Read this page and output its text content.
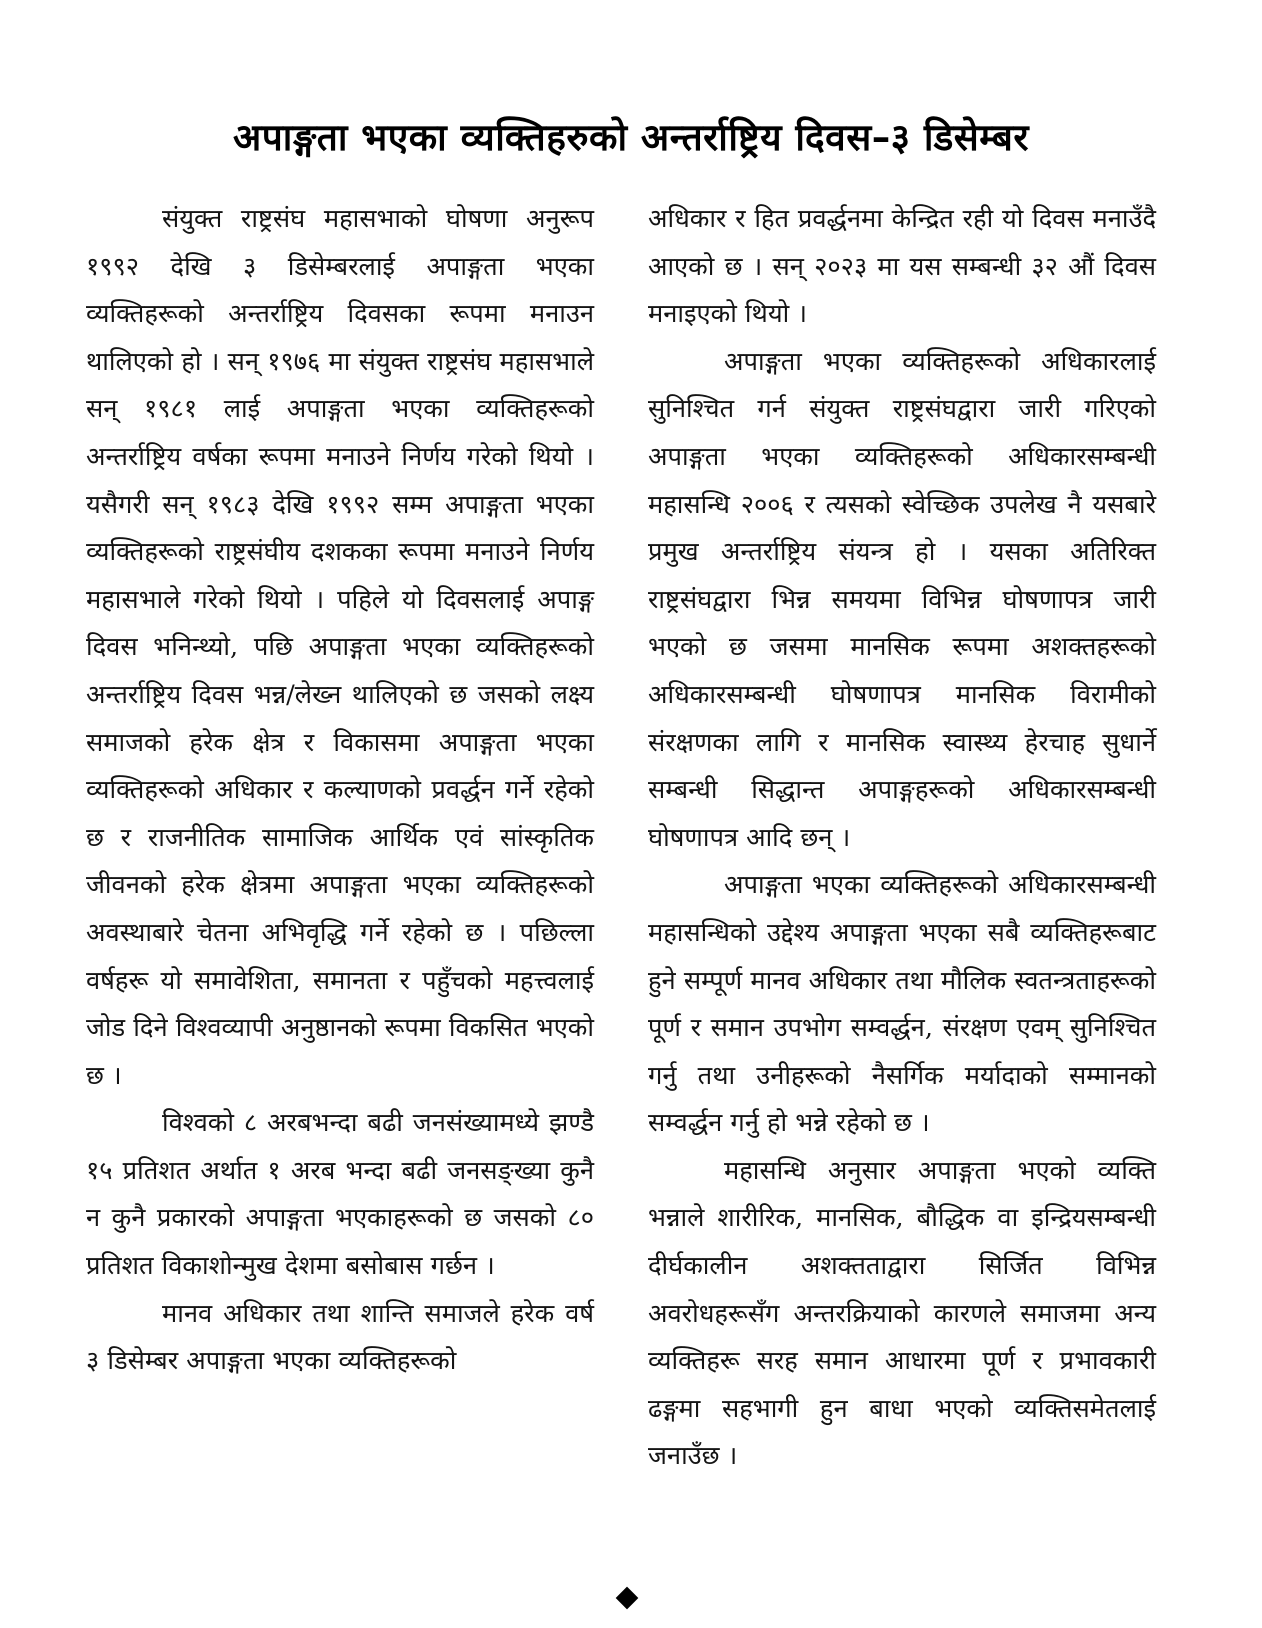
अपाङ्गता भएका व्यक्तिहरुको अन्तर्राष्ट्रिय दिवस–३ डिसेम्बर

संयुक्त राष्ट्रसंघ महासभाको घोषणा अनुरूप १९९२ देखि ३ डिसेम्बरलाई अपाङ्गता भएका व्यक्तिहरूको अन्तर्राष्ट्रिय दिवसका रूपमा मनाउन थालिएको हो । सन् १९७६ मा संयुक्त राष्ट्रसंघ महासभाले सन् १९८१ लाई अपाङ्गता भएका व्यक्तिहरूको अन्तर्राष्ट्रिय वर्षका रूपमा मनाउने निर्णय गरेको थियो । यसैगरी सन् १९८३ देखि १९९२ सम्म अपाङ्गता भएका व्यक्तिहरूको राष्ट्रसंघीय दशकका रूपमा मनाउने निर्णय महासभाले गरेको थियो । पहिले यो दिवसलाई अपाङ्ग दिवस भनिन्थ्यो, पछि अपाङ्गता भएका व्यक्तिहरूको अन्तर्राष्ट्रिय दिवस भन्न/लेख्न थालिएको छ जसको लक्ष्य समाजको हरेक क्षेत्र र विकासमा अपाङ्गता भएका व्यक्तिहरूको अधिकार र कल्याणको प्रवर्द्धन गर्ने रहेको छ र राजनीतिक सामाजिक आर्थिक एवं सांस्कृतिक जीवनको हरेक क्षेत्रमा अपाङ्गता भएका व्यक्तिहरूको अवस्थाबारे चेतना अभिवृद्धि गर्ने रहेको छ । पछिल्ला वर्षहरू यो समावेशिता, समानता र पहुँचको महत्त्वलाई जोड दिने विश्वव्यापी अनुष्ठानको रूपमा विकसित भएको छ ।

विश्वको ८ अरबभन्दा बढी जनसंख्यामध्ये झण्डै १५ प्रतिशत अर्थात १ अरब भन्दा बढी जनसङ्ख्या कुनै न कुनै प्रकारको अपाङ्गता भएकाहरूको छ जसको ८० प्रतिशत विकाशोन्मुख देशमा बसोबास गर्छन ।

मानव अधिकार तथा शान्ति समाजले हरेक वर्ष ३ डिसेम्बर अपाङ्गता भएका व्यक्तिहरूको

अधिकार र हित प्रवर्द्धनमा केन्द्रित रही यो दिवस मनाउँदै आएको छ । सन् २०२३ मा यस सम्बन्धी ३२ औं दिवस मनाइएको थियो ।

अपाङ्गता भएका व्यक्तिहरूको अधिकारलाई सुनिश्चित गर्न संयुक्त राष्ट्रसंघद्वारा जारी गरिएको अपाङ्गता भएका व्यक्तिहरूको अधिकारसम्बन्धी महासन्धि २००६ र त्यसको स्वेच्छिक उपलेख नै यसबारे प्रमुख अन्तर्राष्ट्रिय संयन्त्र हो । यसका अतिरिक्त राष्ट्रसंघद्वारा भिन्न समयमा विभिन्न घोषणापत्र जारी भएको छ जसमा मानसिक रूपमा अशक्तहरूको अधिकारसम्बन्धी घोषणापत्र मानसिक विरामीको संरक्षणका लागि र मानसिक स्वास्थ्य हेरचाह सुधार्ने सम्बन्धी सिद्धान्त अपाङ्गहरूको अधिकारसम्बन्धी घोषणापत्र आदि छन् ।

अपाङ्गता भएका व्यक्तिहरूको अधिकारसम्बन्धी महासन्धिको उद्देश्य अपाङ्गता भएका सबै व्यक्तिहरूबाट हुने सम्पूर्ण मानव अधिकार तथा मौलिक स्वतन्त्रताहरूको पूर्ण र समान उपभोग सम्वर्द्धन, संरक्षण एवम् सुनिश्चित गर्नु तथा उनीहरूको नैसर्गिक मर्यादाको सम्मानको सम्वर्द्धन गर्नु हो भन्ने रहेको छ ।

महासन्धि अनुसार अपाङ्गता भएको व्यक्ति भन्नाले शारीरिक, मानसिक, बौद्धिक वा इन्द्रियसम्बन्धी दीर्घकालीन अशक्तताद्वारा सिर्जित विभिन्न अवरोधहरूसँग अन्तरक्रियाको कारणले समाजमा अन्य व्यक्तिहरू सरह समान आधारमा पूर्ण र प्रभावकारी ढङ्गमा सहभागी हुन बाधा भएको व्यक्तिसमेतलाई जनाउँछ ।
